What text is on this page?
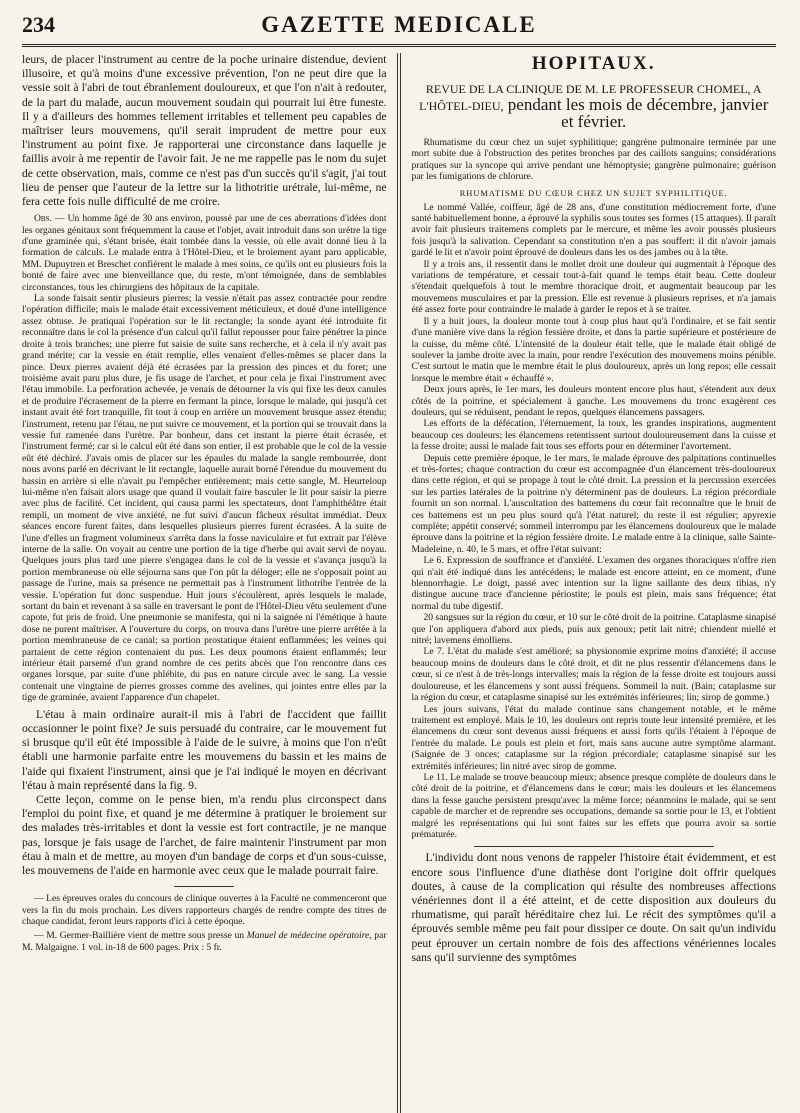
234	GAZETTE MEDICALE

leurs, de placer l'instrument au centre de la poche urinaire distendue, devient illusoire, et qu'à moins d'une excessive prévention, l'on ne peut dire que la vessie soit à l'abri de tout ébranlement douloureux, et que l'on n'ait à redouter, de la part du malade, aucun mouvement soudain qui pourrait lui être funeste. Il y a d'ailleurs des hommes tellement irritables et tellement peu capables de maîtriser leurs mouvemens, qu'il serait imprudent de mettre pour eux l'instrument au point fixe. Je rapporterai une circonstance dans laquelle je faillis avoir à me repentir de l'avoir fait. Je ne me rappelle pas le nom du sujet de cette observation, mais, comme ce n'est pas d'un succès qu'il s'agit, j'ai tout lieu de penser que l'auteur de la lettre sur la lithotritie urétrale, lui-même, ne fera cette fois nulle difficulté de me croire.

Obs. — Un homme âgé de 30 ans environ, poussé par une de ces aberrations d'idées dont les organes génitaux sont fréquemment la cause et l'objet, avait introduit dans son urètre la tige d'une graminée qui, s'étant brisée, était tombée dans la vessie, où elle avait donné lieu à la formation de calculs. Le malade entra à l'Hôtel-Dieu, et le broiement ayant paru applicable, MM. Dupuytren et Breschet confièrent le malade à mes soins, ce qu'ils ont eu plusieurs fois la bonté de faire avec une bienveillance que, du reste, m'ont témoignée, dans de semblables circonstances, tous les chirurgiens des hôpitaux de la capitale.

La sonde faisait sentir plusieurs pierres; la vessie n'était pas assez contractée pour rendre l'opération difficile; mais le malade était excessivement méticuleux, et doué d'une intelligence assez obtuse. Je pratiquai l'opération sur le lit rectangle; la sonde ayant été introduite fit reconnaître dans le col la présence d'un calcul qu'il fallut repousser pour faire pénétrer la pince droite à trois branches; une pierre fut saisie de suite sans recherche, et à cela il n'y avait pas grand mérite; car la vessie en était remplie, elles venaient d'elles-mêmes se placer dans la pince. Deux pierres avaient déjà été écrasées par la pression des pinces et du foret; une troisième avait paru plus dure, je fis usage de l'archet, et pour cela je fixai l'instrument avec l'étau immobile. La perforation achevée, je venais de détourner la vis qui fixe les deux canules et de produire l'écrasement de la pierre en fermant la pince, lorsque le malade, qui jusqu'à cet instant avait été fort tranquille, fit tout à coup en arrière un mouvement brusque assez étendu; l'instrument, retenu par l'étau, ne put suivre ce mouvement, et la portion qui se trouvait dans la vessie fut ramenée dans l'urètre. Par bonheur, dans cet instant la pierre était écrasée, et l'instrument fermé; car si le calcul eût été dans son entier, il est probable que le col de la vessie eût été déchiré. J'avais omis de placer sur les épaules du malade la sangle rembourrée, dont nous avons parlé en décrivant le lit rectangle, laquelle aurait borné l'étendue du mouvement du bassin en arrière si elle n'avait pu l'empêcher entièrement; mais cette sangle, M. Heurteloup lui-même n'en faisait alors usage que quand il voulait faire basculer le lit pour saisir la pierre avec plus de facilité. Cet incident, qui causa parmi les spectateurs, dont l'amphithéâtre était rempli, un moment de vive anxiété, ne fut suivi d'aucun fâcheux résultat immédiat. Deux séances encore furent faites, dans lesquelles plusieurs pierres furent écrasées. A la suite de l'une d'elles un fragment volumineux s'arrêta dans la fosse naviculaire et fut extrait par l'élève interne de la salle. On voyait au centre une portion de la tige d'herbe qui avait servi de noyau. Quelques jours plus tard une pierre s'engagea dans le col de la vessie et s'avança jusqu'à la portion membraneuse où elle séjourna sans que l'on pût la déloger; elle ne s'opposait point au passage de l'urine, mais sa présence ne permettait pas à l'instrument lithotribe l'entrée de la vessie. L'opération fut donc suspendue. Huit jours s'écoulèrent, après lesquels le malade, sortant du bain et revenant à sa salle en traversant le pont de l'Hôtel-Dieu vêtu seulement d'une capote, fut pris de froid. Une pneumonie se manifesta, qui ni la saignée ni l'émétique à haute dose ne purent maîtriser. A l'ouverture du corps, on trouva dans l'urètre une pierre arrêtée à la portion membraneuse de ce canal; sa portion prostatique étaient enflammées; les veines qui partaient de cette région contenaient du pus. Les deux poumons étaient enflammés; leur intérieur était parsemé d'un grand nombre de ces petits abcès que l'on rencontre dans ces organes lorsque, par suite d'une phlébite, du pus en nature circule avec le sang. La vessie contenait une vingtaine de pierres grosses comme des avelines, qui jointes entre elles par la tige de graminée, avaient l'apparence d'un chapelet.

L'étau à main ordinaire aurait-il mis à l'abri de l'accident que faillit occasionner le point fixe? Je suis persuadé du contraire, car le mouvement fut si brusque qu'il eût été impossible à l'aide de le suivre, à moins que l'on n'eût établi une harmonie parfaite entre les mouvemens du bassin et les mains de l'aide qui fixaient l'instrument, ainsi que je l'ai indiqué le moyen en décrivant l'étau à main représenté dans la fig. 9.

Cette leçon, comme on le pense bien, m'a rendu plus circonspect dans l'emploi du point fixe, et quand je me détermine à pratiquer le broiement sur des malades très-irritables et dont la vessie est fort contractile, je ne manque pas, lorsque je fais usage de l'archet, de faire maintenir l'instrument par mon étau à main et de mettre, au moyen d'un bandage de corps et d'un sous-cuisse, les mouvemens de l'aide en harmonie avec ceux que le malade pourrait faire.

— Les épreuves orales du concours de clinique ouvertes à la Faculté ne commenceront que vers la fin du mois prochain. Les divers rapporteurs chargés de rendre compte des titres de chaque candidat, feront leurs rapports d'ici à cette époque.

— M. Germer-Baillière vient de mettre sous presse un Manuel de médecine opératoire, par M. Malgaigne. 1 vol. in-18 de 600 pages. Prix : 5 fr.

HOPITAUX.
REVUE DE LA CLINIQUE DE M. LE PROFESSEUR CHOMEL, A L'HÔTEL-DIEU, pendant les mois de décembre, janvier et février.

Rhumatisme du cœur chez un sujet syphilitique; gangrène pulmonaire terminée par une mort subite due à l'obstruction des petites bronches par des caillots sanguins; considérations pratiques sur la syncope qui arrive pendant une hémoptysie; gangrène pulmonaire; guérison par les fumigations de chlorure.

RHUMATISME DU CŒUR CHEZ UN SUJET SYPHILITIQUE.

Le nommé Vallée, coiffeur, âgé de 28 ans, d'une constitution médiocrement forte, d'une santé habituellement bonne, a éprouvé la syphilis sous toutes ses formes (15 attaques). Il paraît avoir fait plusieurs traitemens complets par le mercure, et même les avoir poussés plusieurs fois jusqu'à la salivation. Cependant sa constitution n'en a pas souffert: il dit n'avoir jamais gardé le lit et n'avoir point éprouvé de douleurs dans les os des jambes ou à la tête.

Il y a trois ans, il ressentit dans le mollet droit une douleur qui augmentait à l'époque des variations de température, et cessait tout-à-fait quand le temps était beau. Cette douleur s'étendait quelquefois à tout le membre thoracique droit, et augmentait beaucoup par les mouvemens musculaires et par la pression. Elle est revenue à plusieurs reprises, et n'a jamais été assez forte pour contraindre le malade à garder le repos et à se traiter.

Il y a huit jours, la douleur monte tout à coup plus haut qu'à l'ordinaire, et se fait sentir d'une manière vive dans la région fessière droite, et dans la partie supérieure et postérieure de la cuisse, du même côté. L'intensité de la douleur était telle, que le malade était obligé de soulever la jambe droite avec la main, pour rendre l'exécution des mouvemens moins pénible. C'est surtout le matin que le membre était le plus douloureux, après un long repos; elle cessait lorsque le membre était « échauffé ».

Deux jours après, le 1er mars, les douleurs montent encore plus haut, s'étendent aux deux côtés de la poitrine, et spécialement à gauche. Les mouvemens du tronc exagèrent ces douleurs, qui se réduisent, pendant le repos, quelques élancemens passagers.

Les efforts de la défécation, l'éternuement, la toux, les grandes inspirations, augmentent beaucoup ces douleurs; les élancemens retentissent surtout douloureusement dans la cuisse et la fesse droite; aussi le malade fait tous ses efforts pour en déterminer l'avortement.

Depuis cette première époque, le 1er mars, le malade éprouve des palpitations continuelles et très-fortes; chaque contraction du cœur est accompagnée d'un élancement très-douloureux dans cette région, et qui se propage à tout le côté droit. La pression et la percussion exercées sur les parties latérales de la poitrine n'y déterminent pas de douleurs. La région précordiale fournit un son normal. L'auscultation des battemens du cœur fait reconnaître que le bruit de ces battemens est un peu plus sourd qu'à l'état naturel; du reste il est régulier; apyrexie complète; appétit conservé; sommeil interrompu par les élancemens douloureux que le malade éprouve dans la poitrine et la région fessière droite. Le malade entre à la clinique, salle Sainte-Madeleine, n. 40, le 5 mars, et offre l'état suivant:

Le 6. Expression de souffrance et d'anxiété. L'examen des organes thoraciques n'offre rien qui n'ait été indiqué dans les antécédens; le malade est encore atteint, en ce moment, d'une blennorrhagie. Le doigt, passé avec intention sur la ligne saillante des deux tibias, n'y distingue aucune trace d'ancienne périostite; le pouls est plein, mais sans fréquence; état normal du tube digestif.

20 sangsues sur la région du cœur, et 10 sur le côté droit de la poitrine. Cataplasme sinapisé que l'on appliquera d'abord aux pieds, puis aux genoux; petit lait nitré; chiendent miellé et nitré; lavemens émolliens.

Le 7. L'état du malade s'est amélioré; sa physionomie exprime moins d'anxiété; il accuse beaucoup moins de douleurs dans le côté droit, et dit ne plus ressentir d'élancemens dans le cœur, si ce n'est à de très-longs intervalles; mais la région de la fesse droite est toujours aussi douloureuse, et les élancemens y sont aussi fréquens. Sommeil la nuit. (Bain; cataplasme sur la région du cœur, et cataplasme sinapisé sur les extrémités inférieures; lin; sirop de gomme.)

Les jours suivans, l'état du malade continue sans changement notable, et le même traitement est employé. Mais le 10, les douleurs ont repris toute leur intensité première, et les élancemens du cœur sont devenus aussi fréquens et aussi forts qu'ils l'étaient à l'époque de l'entrée du malade. Le pouls est plein et fort, mais sans aucune autre symptôme alarmant. (Saignée de 3 onces; cataplasme sur la région précordiale; cataplasme sinapisé sur les extrémités inférieures; lin nitré avec sirop de gomme.

Le 11. Le malade se trouve beaucoup mieux; absence presque complète de douleurs dans le côté droit de la poitrine, et d'élancemens dans le cœur; mais les douleurs et les élancemens dans la fesse gauche persistent presqu'avec la même force; néanmoins le malade, qui se sent capable de marcher et de reprendre ses occupations, demande sa sortie pour le 13, et l'obtient malgré les représentations qui lui sont faites sur les effets que pourra avoir sa sortie prématurée.

L'individu dont nous venons de rappeler l'histoire était évidemment, et est encore sous l'influence d'une diathèse dont l'origine doit offrir quelques doutes, à cause de la complication qui résulte des nombreuses affections vénériennes dont il a été atteint, et de cette disposition aux douleurs du rhumatisme, qui paraît héréditaire chez lui. Le récit des symptômes qu'il a éprouvés semble même peu fait pour dissiper ce doute. On sait qu'un individu peut éprouver un certain nombre de fois des affections vénériennes locales sans qu'il survienne des symptômes
